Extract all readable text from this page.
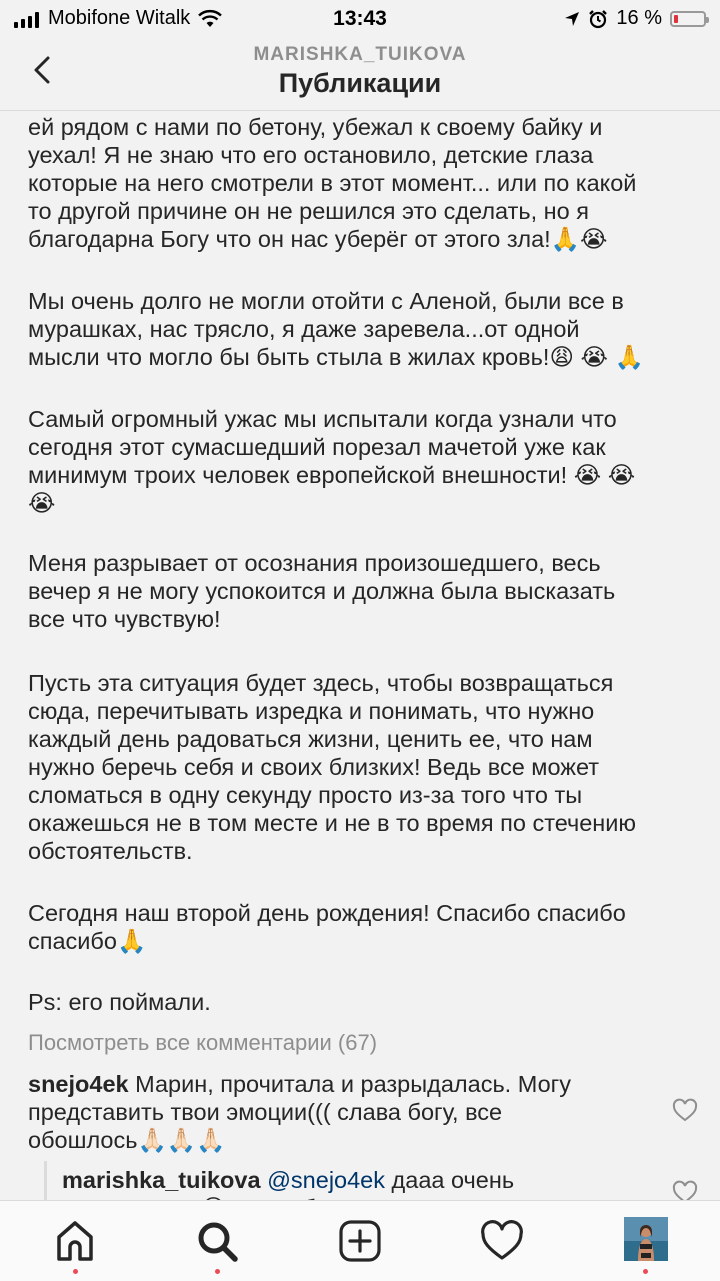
Mobifone Witalk	13:43	16 %
MARISHKA_TUIKOVA
Публикации

ей рядом с нами по бетону, убежал к своему байку и
уехал! Я не знаю что его остановило, детские глаза
которые на него смотрели в этот момент... или по какой
то другой причине он не решился это сделать, но я
благодарна Богу что он нас уберёг от этого зла!🙏😭

Мы очень долго не могли отойти с Аленой, были все в
мурашках, нас трясло, я даже заревела...от одной
мысли что могло бы быть стыла в жилах кровь!😩 😭 🙏

Самый огромный ужас мы испытали когда узнали что
сегодня этот сумасшедший порезал мачетой уже как
минимум троих человек европейской внешности! 😭 😭
😭

Меня разрывает от осознания произошедшего, весь
вечер я не могу успокоится и должна была высказать
все что чувствую!

Пусть эта ситуация будет здесь, чтобы возвращаться
сюда, перечитывать изредка и понимать, что нужно
каждый день радоваться жизни, ценить ее, что нам
нужно беречь себя и своих близких! Ведь все может
сломаться в одну секунду просто из-за того что ты
окажешься не в том месте и не в то время по стечению
обстоятельств.

Сегодня наш второй день рождения! Спасибо спасибо
спасибо🙏

Ps: его поймали.

Посмотреть все комментарии (67)
snejo4ek Марин, прочитала и разрыдалась. Могу
представить твои эмоции((( слава богу, все
обошлось🙏🏻🙏🏻🙏🏻
marishka_tuikova @snejo4ek дааа очень
